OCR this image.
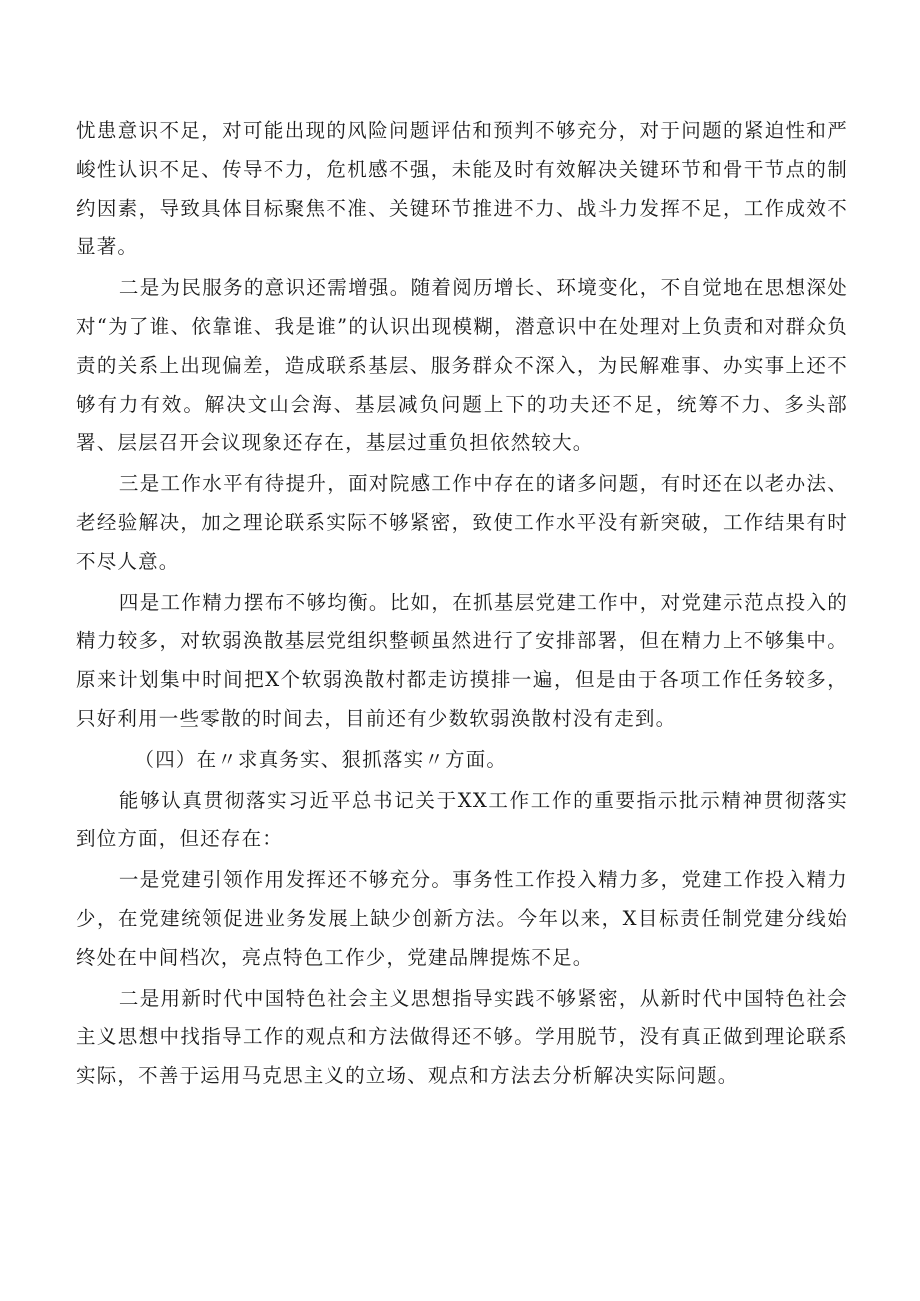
忧患意识不足，对可能出现的风险问题评估和预判不够充分，对于问题的紧迫性和严峻性认识不足、传导不力，危机感不强，未能及时有效解决关键环节和骨干节点的制约因素，导致具体目标聚焦不准、关键环节推进不力、战斗力发挥不足，工作成效不显著。

二是为民服务的意识还需增强。随着阅历增长、环境变化，不自觉地在思想深处对“为了谁、依靠谁、我是谁”的认识出现模糊，潜意识中在处理对上负责和对群众负责的关系上出现偏差，造成联系基层、服务群众不深入，为民解难事、办实事上还不够有力有效。解决文山会海、基层减负问题上下的功夫还不足，统筹不力、多头部署、层层召开会议现象还存在，基层过重负担依然较大。

三是工作水平有待提升，面对院感工作中存在的诸多问题，有时还在以老办法、老经验解决，加之理论联系实际不够紧密，致使工作水平没有新突破，工作结果有时不尽人意。

四是工作精力摆布不够均衡。比如，在抓基层党建工作中，对党建示范点投入的精力较多，对软弱涣散基层党组织整顿虽然进行了安排部署，但在精力上不够集中。原来计划集中时间把X个软弱涣散村都走访摸排一遍，但是由于各项工作任务较多，只好利用一些零散的时间去，目前还有少数软弱涣散村没有走到。

（四）在〃求真务实、狠抓落实〃方面。

能够认真贯彻落实习近平总书记关于XX工作工作的重要指示批示精神贯彻落实到位方面，但还存在：

一是党建引领作用发挥还不够充分。事务性工作投入精力多，党建工作投入精力少，在党建统领促进业务发展上缺少创新方法。今年以来，X目标责任制党建分线始终处在中间档次，亮点特色工作少，党建品牌提炼不足。

二是用新时代中国特色社会主义思想指导实践不够紧密，从新时代中国特色社会主义思想中找指导工作的观点和方法做得还不够。学用脱节，没有真正做到理论联系实际，不善于运用马克思主义的立场、观点和方法去分析解决实际问题。
